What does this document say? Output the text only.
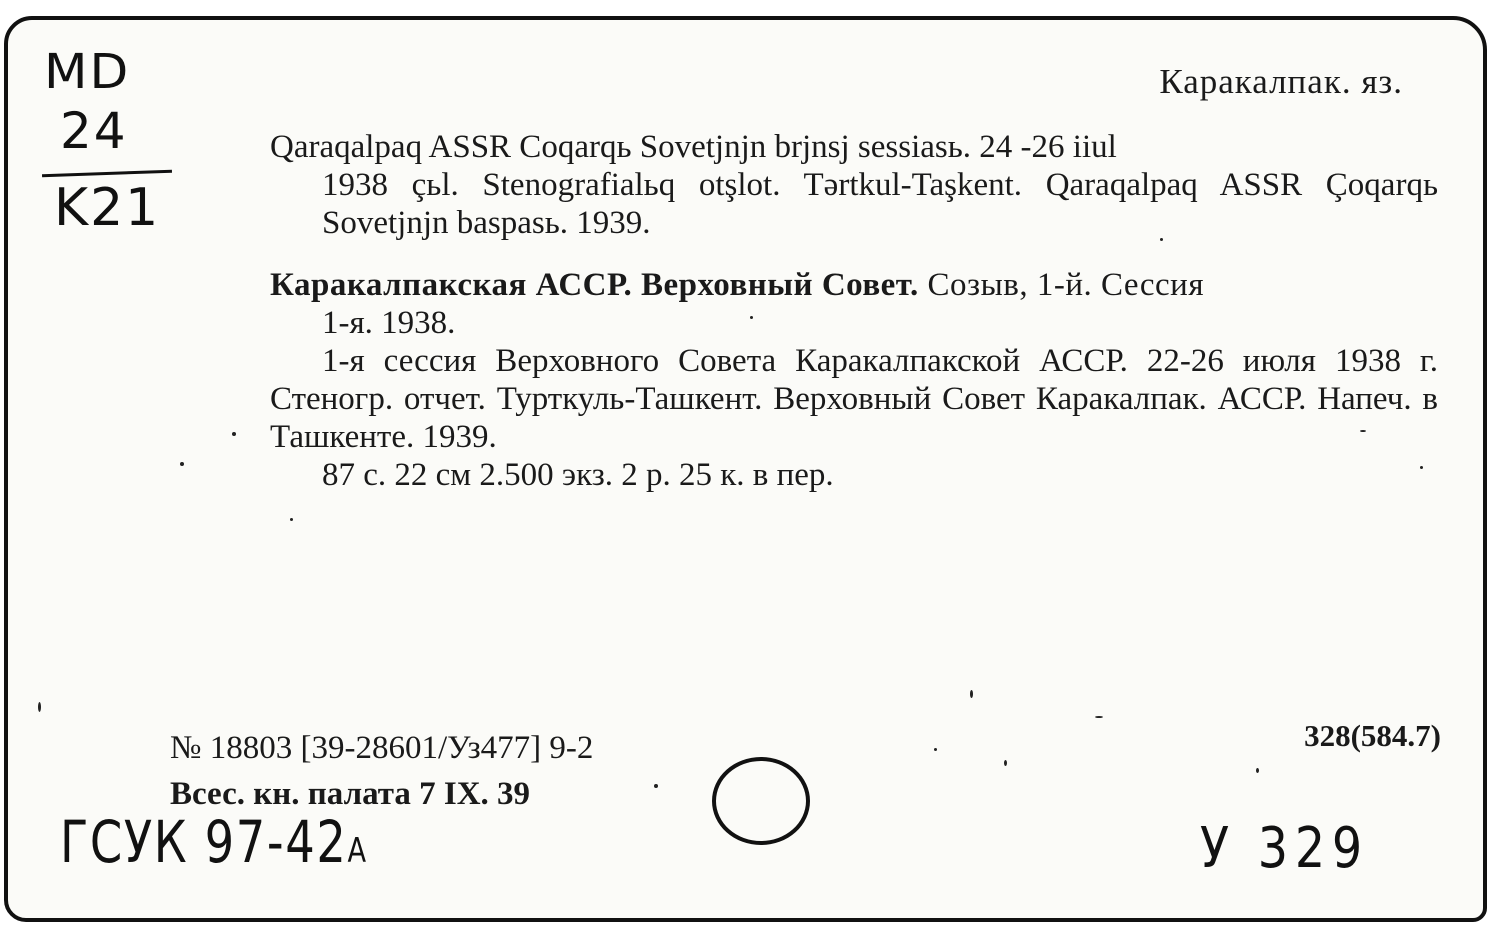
MD
24
K21
Каракалпак. яз.
Qaraqalpaq ASSR Coqarqь Sovetjnjn brjnsj sessiasь. 24 -26 iiul
1938 çьl. Stenografialьq otşlot. Tərtkul-Taşkent. Qaraqalpaq ASSR Çoqarqь Sovetjnjn baspasь. 1939.
Каракалпакская АССР. Верховный Совет. Созыв, 1-й. Сессия
1-я. 1938.
1-я сессия Верховного Совета Каракалпакской АССР. 22-26 июля 1938 г. Стеногр. отчет. Турткуль-Ташкент. Верховный Совет Каракалпак. АССР. Напеч. в Ташкенте. 1939.
87 с. 22 см 2.500 экз. 2 р. 25 к. в пер.
№ 18803 [39-28601/Уз477] 9-2
Всес. кн. палата 7 IX. 39
328(584.7)
ГСУК 97-42A	У 329
